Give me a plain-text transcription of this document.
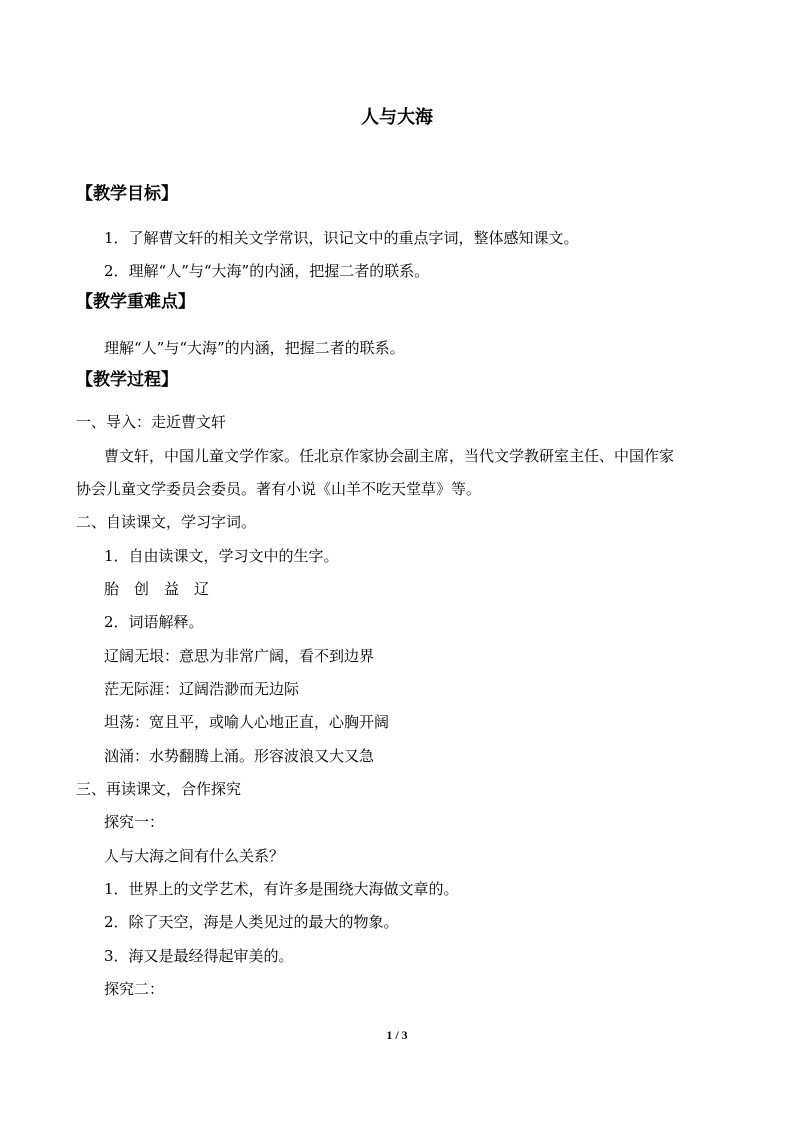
人与大海
【教学目标】
1．了解曹文轩的相关文学常识，识记文中的重点字词，整体感知课文。
2．理解“人”与“大海”的内涵，把握二者的联系。
【教学重难点】
理解“人”与“大海”的内涵，把握二者的联系。
【教学过程】
一、导入：走近曹文轩
曹文轩，中国儿童文学作家。任北京作家协会副主席，当代文学教研室主任、中国作家
协会儿童文学委员会委员。著有小说《山羊不吃天堂草》等。
二、自读课文，学习字词。
1．自由读课文，学习文中的生字。
胎　创　益　辽
2．词语解释。
辽阔无垠：意思为非常广阔，看不到边界
茫无际涯：辽阔浩渺而无边际
坦荡：宽且平，或喻人心地正直，心胸开阔
汹涌：水势翻腾上涌。形容波浪又大又急
三、再读课文，合作探究
探究一：
人与大海之间有什么关系？
1．世界上的文学艺术，有许多是围绕大海做文章的。
2．除了天空，海是人类见过的最大的物象。
3．海又是最经得起审美的。
探究二：
1 / 3
